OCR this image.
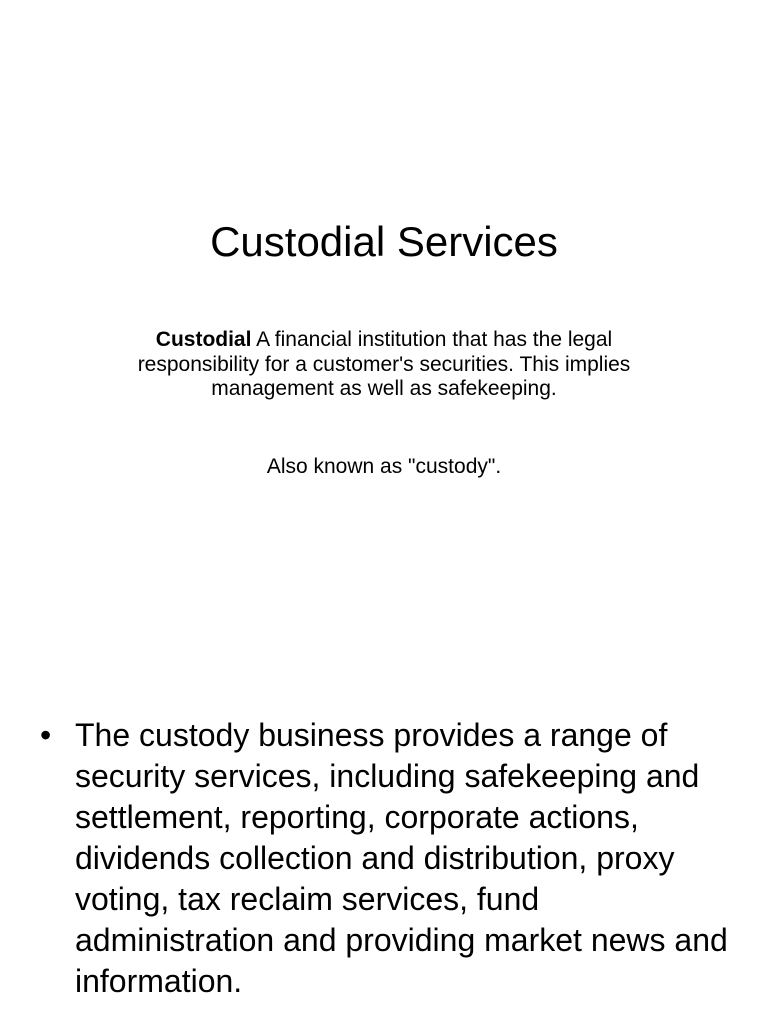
Custodial Services

Custodial A financial institution that has the legal responsibility for a customer's securities. This implies management as well as safekeeping.

Also known as "custody".

• The custody business provides a range of security services, including safekeeping and settlement, reporting, corporate actions, dividends collection and distribution, proxy voting, tax reclaim services, fund administration and providing market news and information.
